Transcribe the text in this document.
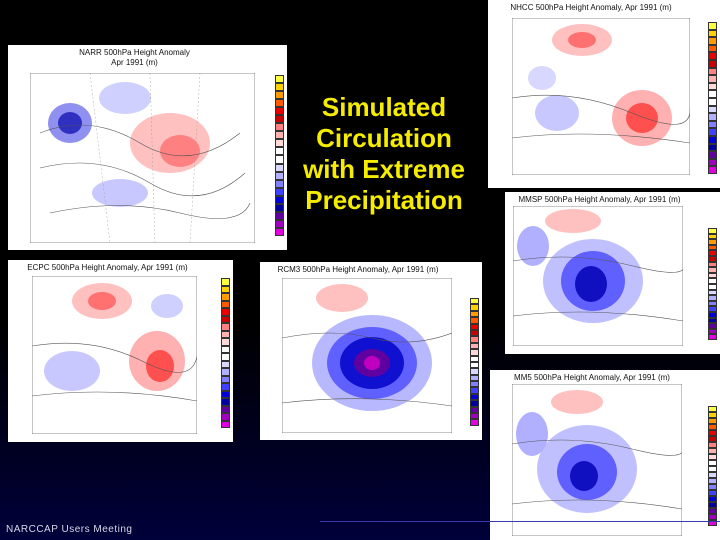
NARR 500hPa Height Anomaly
Apr 1991 (m)
NHCC 500hPa Height Anomaly, Apr 1991 (m)
ECPC 500hPa Height Anomaly, Apr 1991 (m)	RCM3 500hPa Height Anomaly, Apr 1991 (m)
MMSP 500hPa Height Anomaly, Apr 1991 (m)
MM5 500hPa Height Anomaly, Apr 1991 (m)
Simulated
Circulation
with Extreme
Precipitation
NARCCAP Users Meeting
